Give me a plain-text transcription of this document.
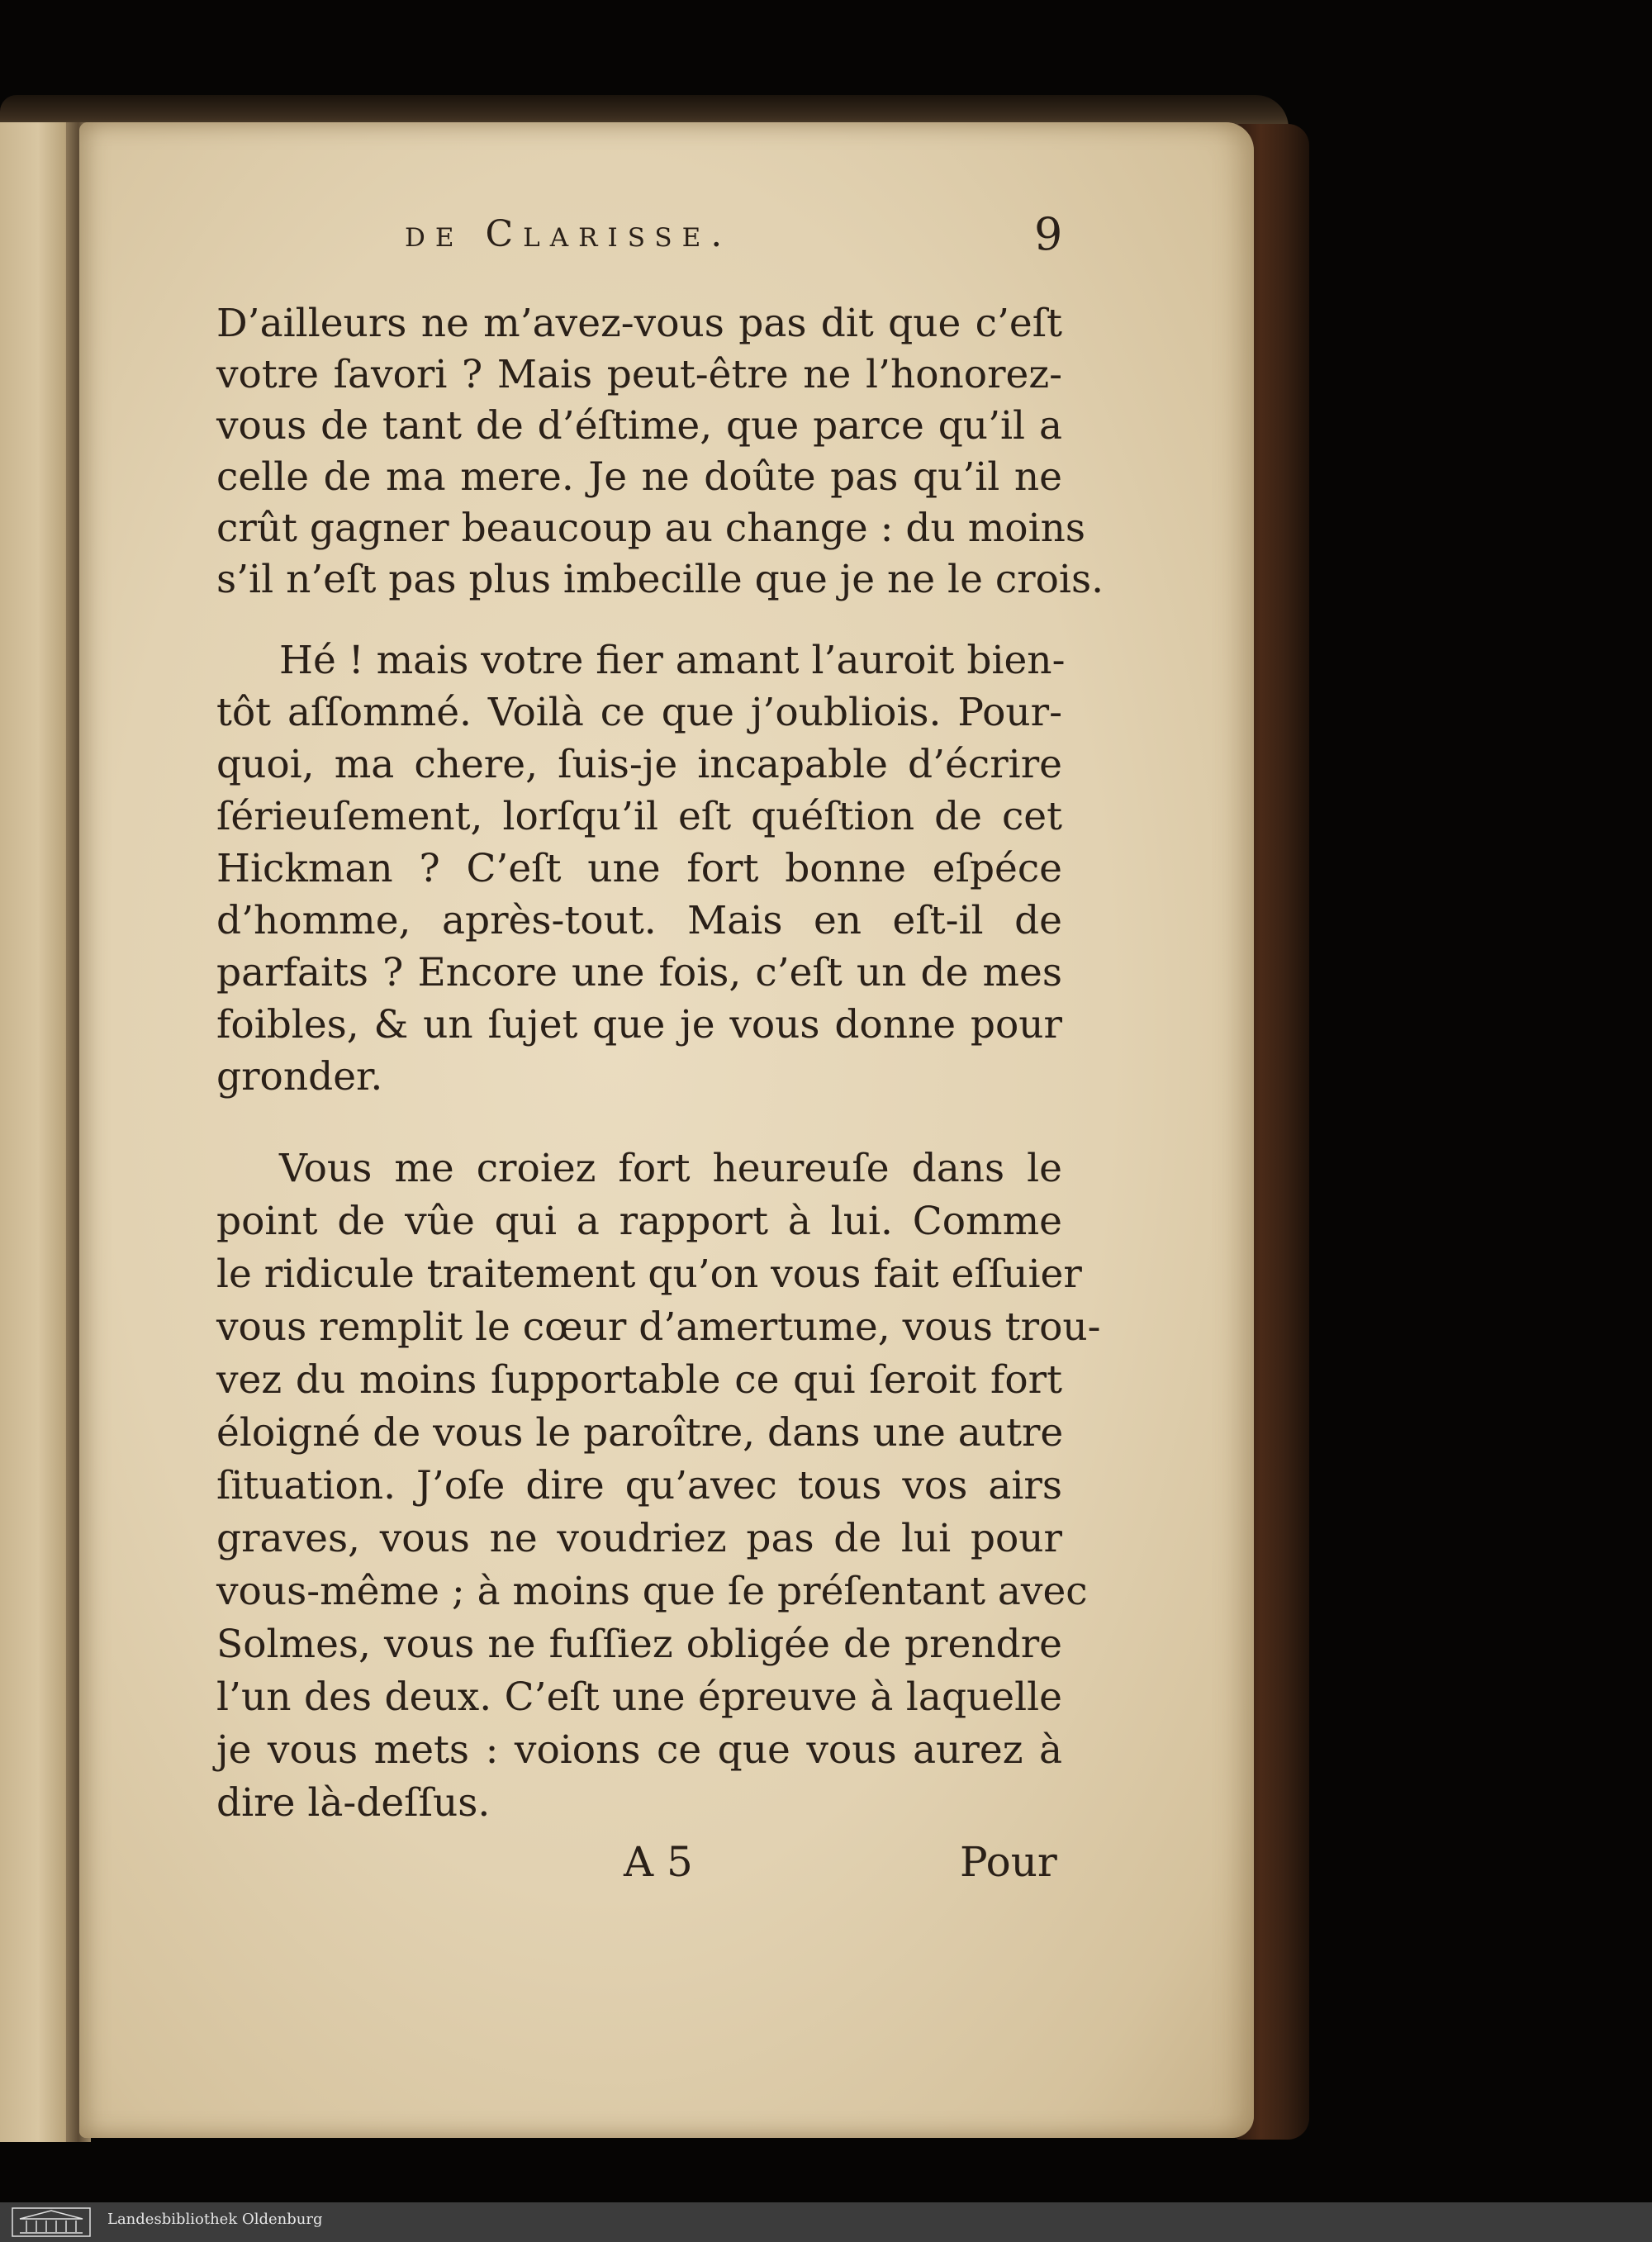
de Clarisse.	9
D’ailleurs ne m’avez-vous pas dit que c’eſt
votre ſavori ? Mais peut-être ne l’honorez-
vous de tant de d’éſtime, que parce qu’il a
celle de ma mere. Je ne doûte pas qu’il ne
crût gagner beaucoup au change : du moins
s’il n’eſt pas plus imbecille que je ne le crois.
Hé ! mais votre fier amant l’auroit bien-
tôt aſſommé. Voilà ce que j’oubliois. Pour-
quoi, ma chere, ſuis-je incapable d’écrire
ſérieuſement, lorſqu’il eſt quéſtion de cet
Hickman ? C’eſt une fort bonne eſpéce
d’homme, après-tout. Mais en eſt-il de
parfaits ? Encore une fois, c’eſt un de mes
foibles, & un ſujet que je vous donne pour
gronder.
Vous me croiez fort heureuſe dans le
point de vûe qui a rapport à lui. Comme
le ridicule traitement qu’on vous fait eſſuier
vous remplit le cœur d’amertume, vous trou-
vez du moins ſupportable ce qui ſeroit fort
éloigné de vous le paroître, dans une autre
ſituation. J’oſe dire qu’avec tous vos airs
graves, vous ne voudriez pas de lui pour
vous-même ; à moins que ſe préſentant avec
Solmes, vous ne fuſſiez obligée de prendre
l’un des deux. C’eſt une épreuve à laquelle
je vous mets : voions ce que vous aurez à
dire là-deſſus.
A 5	Pour
Landesbibliothek Oldenburg
